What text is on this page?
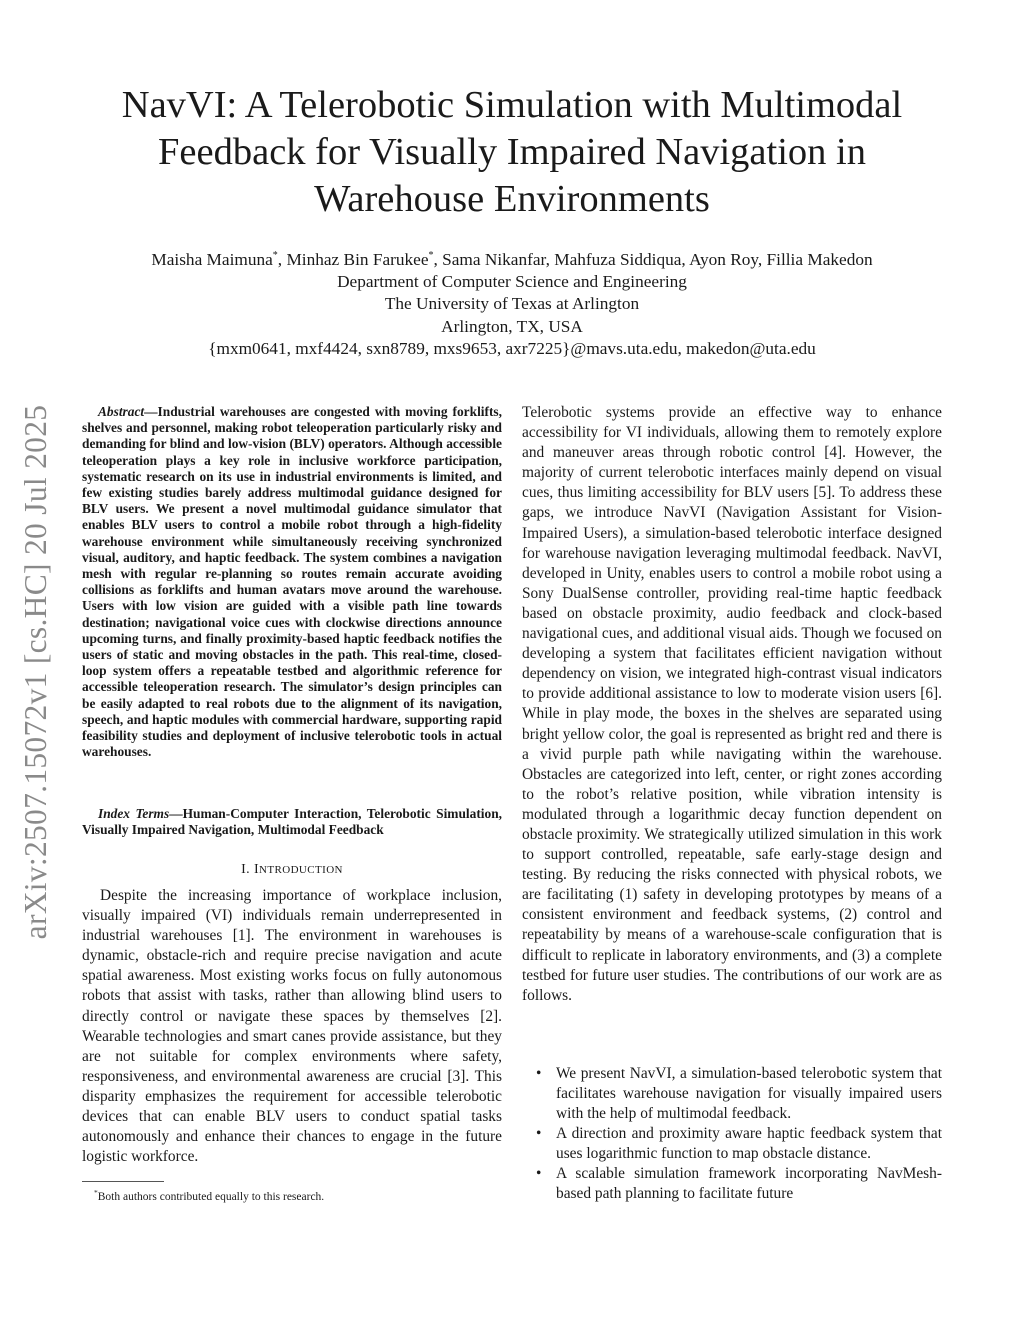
arXiv:2507.15072v1 [cs.HC] 20 Jul 2025
NavVI: A Telerobotic Simulation with Multimodal
Feedback for Visually Impaired Navigation in
Warehouse Environments
Maisha Maimuna*, Minhaz Bin Farukee*, Sama Nikanfar, Mahfuza Siddiqua, Ayon Roy, Fillia Makedon
Department of Computer Science and Engineering
The University of Texas at Arlington
Arlington, TX, USA
{mxm0641, mxf4424, sxn8789, mxs9653, axr7225}@mavs.uta.edu, makedon@uta.edu
Abstract—Industrial warehouses are congested with moving forklifts, shelves and personnel, making robot teleoperation particularly risky and demanding for blind and low-vision (BLV) operators. Although accessible teleoperation plays a key role in inclusive workforce participation, systematic research on its use in industrial environments is limited, and few existing studies barely address multimodal guidance designed for BLV users. We present a novel multimodal guidance simulator that enables BLV users to control a mobile robot through a high-fidelity warehouse environment while simultaneously receiving synchronized visual, auditory, and haptic feedback. The system combines a navigation mesh with regular re-planning so routes remain accurate avoiding collisions as forklifts and human avatars move around the warehouse. Users with low vision are guided with a visible path line towards destination; navigational voice cues with clockwise directions announce upcoming turns, and finally proximity-based haptic feedback notifies the users of static and moving obstacles in the path. This real-time, closed-loop system offers a repeatable testbed and algorithmic reference for accessible teleoperation research. The simulator’s design principles can be easily adapted to real robots due to the alignment of its navigation, speech, and haptic modules with commercial hardware, supporting rapid feasibility studies and deployment of inclusive telerobotic tools in actual warehouses.
Index Terms—Human-Computer Interaction, Telerobotic Simulation, Visually Impaired Navigation, Multimodal Feedback
I. INTRODUCTION
Despite the increasing importance of workplace inclusion, visually impaired (VI) individuals remain underrepresented in industrial warehouses [1]. The environment in warehouses is dynamic, obstacle-rich and require precise navigation and acute spatial awareness. Most existing works focus on fully autonomous robots that assist with tasks, rather than allowing blind users to directly control or navigate these spaces by themselves [2]. Wearable technologies and smart canes provide assistance, but they are not suitable for complex environments where safety, responsiveness, and environmental awareness are crucial [3]. This disparity emphasizes the requirement for accessible telerobotic devices that can enable BLV users to conduct spatial tasks autonomously and enhance their chances to engage in the future logistic workforce.
Telerobotic systems provide an effective way to enhance accessibility for VI individuals, allowing them to remotely explore and maneuver areas through robotic control [4]. However, the majority of current telerobotic interfaces mainly depend on visual cues, thus limiting accessibility for BLV users [5]. To address these gaps, we introduce NavVI (Navigation Assistant for Vision-Impaired Users), a simulation-based telerobotic interface designed for warehouse navigation leveraging multimodal feedback. NavVI, developed in Unity, enables users to control a mobile robot using a Sony DualSense controller, providing real-time haptic feedback based on obstacle proximity, audio feedback and clock-based navigational cues, and additional visual aids. Though we focused on developing a system that facilitates efficient navigation without dependency on vision, we integrated high-contrast visual indicators to provide additional assistance to low to moderate vision users [6]. While in play mode, the boxes in the shelves are separated using bright yellow color, the goal is represented as bright red and there is a vivid purple path while navigating within the warehouse. Obstacles are categorized into left, center, or right zones according to the robot’s relative position, while vibration intensity is modulated through a logarithmic decay function dependent on obstacle proximity. We strategically utilized simulation in this work to support controlled, repeatable, safe early-stage design and testing. By reducing the risks connected with physical robots, we are facilitating (1) safety in developing prototypes by means of a consistent environment and feedback systems, (2) control and repeatability by means of a warehouse-scale configuration that is difficult to replicate in laboratory environments, and (3) a complete testbed for future user studies. The contributions of our work are as follows.
• We present NavVI, a simulation-based telerobotic system that facilitates warehouse navigation for visually impaired users with the help of multimodal feedback.
• A direction and proximity aware haptic feedback system that uses logarithmic function to map obstacle distance.
• A scalable simulation framework incorporating NavMesh-based path planning to facilitate future
*Both authors contributed equally to this research.
